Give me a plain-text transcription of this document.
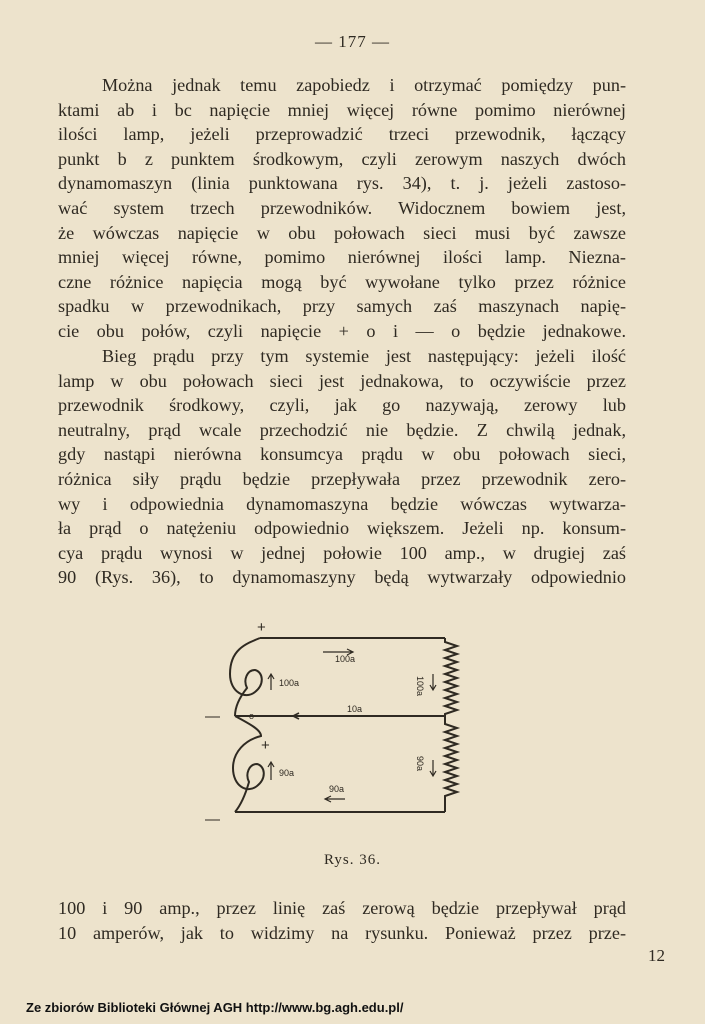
— 177 —

Można jednak temu zapobiedz i otrzymać pomiędzy pun-

ktami ab i bc napięcie mniej więcej równe pomimo nierównej

ilości lamp, jeżeli przeprowadzić trzeci przewodnik, łączący

punkt b z punktem środkowym, czyli zerowym naszych dwóch

dynamomaszyn (linia punktowana rys. 34), t. j. jeżeli zastoso-

wać system trzech przewodników. Widocznem bowiem jest,

że wówczas napięcie w obu połowach sieci musi być zawsze

mniej więcej równe, pomimo nierównej ilości lamp. Niezna-

czne różnice napięcia mogą być wywołane tylko przez różnice

spadku w przewodnikach, przy samych zaś maszynach napię-

cie obu połów, czyli napięcie + o i — o będzie jednakowe.

Bieg prądu przy tym systemie jest następujący: jeżeli ilość

lamp w obu połowach sieci jest jednakowa, to oczywiście przez

przewodnik środkowy, czyli, jak go nazywają, zerowy lub

neutralny, prąd wcale przechodzić nie będzie. Z chwilą jednak,

gdy nastąpi nierówna konsumcya prądu w obu połowach sieci,

różnica siły prądu będzie przepływała przez przewodnik zero-

wy i odpowiednia dynamomaszyna będzie wówczas wytwarza-

ła prąd o natężeniu odpowiednio większem. Jeżeli np. konsum-

cya prądu wynosi w jednej połowie 100 amp., w drugiej zaś

90 (Rys. 36), to dynamomaszyny będą wytwarzały odpowiednio

+
—	o
+
—
100a
100a	100a
10a
90a
90a
90a
Rys. 36.

100 i 90 amp., przez linię zaś zerową będzie przepływał prąd

10 amperów, jak to widzimy na rysunku. Ponieważ przez prze-

12
Ze zbiorów Biblioteki Głównej AGH http://www.bg.agh.edu.pl/
